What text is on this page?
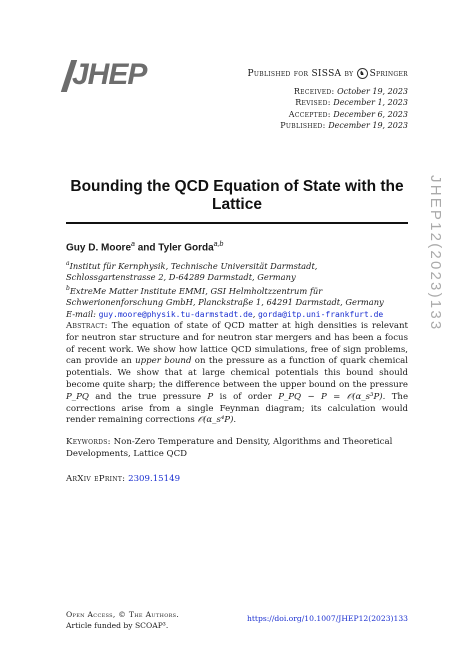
JHEP	Published for SISSA by ♞ Springer
Received: October 19, 2023
Revised: December 1, 2023
Accepted: December 6, 2023
Published: December 19, 2023
Bounding the QCD Equation of State with the Lattice
Guy D. Moore$^a$ and Tyler Gorda$^{a,b}$
$^a$Institut für Kernphysik, Technische Universität Darmstadt, Schlossgartenstrasse 2, D-64289 Darmstadt, Germany
$^b$ExtreMe Matter Institute EMMI, GSI Helmholtzzentrum für Schwerionenforschung GmbH, Planckstraße 1, 64291 Darmstadt, Germany
E-mail: guy.moore@physik.tu-darmstadt.de, gorda@itp.uni-frankfurt.de
Abstract: The equation of state of QCD matter at high densities is relevant for neutron star structure and for neutron star mergers and has been a focus of recent work. We show how lattice QCD simulations, free of sign problems, can provide an upper bound on the pressure as a function of quark chemical potentials. We show that at large chemical potentials this bound should become quite sharp; the difference between the upper bound on the pressure P_PQ and the true pressure P is of order P_PQ − P = 𝒪(α_s³P). The corrections arise from a single Feynman diagram; its calculation would render remaining corrections 𝒪(α_s⁴P).
Keywords: Non-Zero Temperature and Density, Algorithms and Theoretical Developments, Lattice QCD
ArXiv ePrint: 2309.15149
Open Access, © The Authors.
Article funded by SCOAP³.
https://doi.org/10.1007/JHEP12(2023)133
JHEP12(2023)133
